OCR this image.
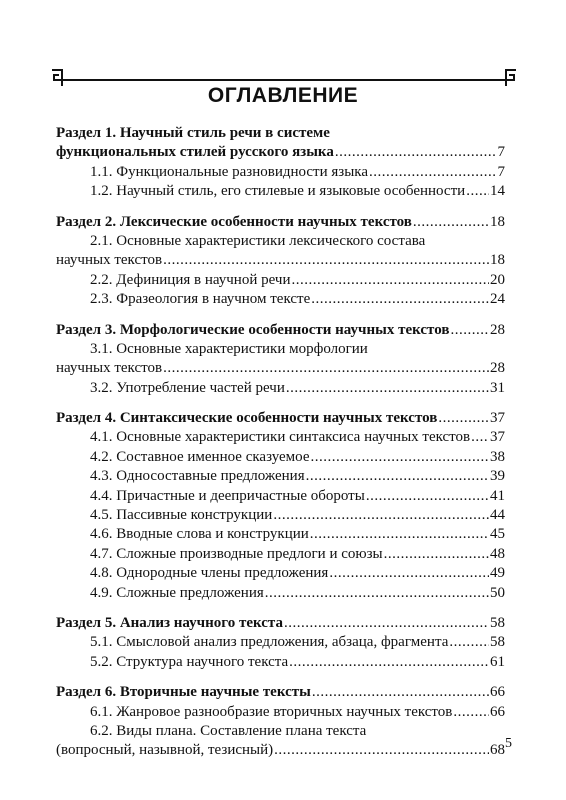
ОГЛАВЛЕНИЕ
Раздел 1. Научный стиль речи в системе
функциональных стилей русского языка .....	7
1.1. Функциональные разновидности языка .....	7
1.2. Научный стиль, его стилевые и языковые особенности ..... 14
Раздел 2. Лексические особенности научных текстов .....	18
2.1. Основные характеристики лексического состава
научных текстов .....	18
2.2. Дефиниция в научной речи .....	20
2.3. Фразеология в научном тексте .....	24
Раздел 3. Морфологические особенности научных текстов .....	28
3.1. Основные характеристики морфологии
научных текстов .....	28
3.2. Употребление частей речи .....	31
Раздел 4. Синтаксические особенности научных текстов .....	37
4.1. Основные характеристики синтаксиса научных текстов ..... 37
4.2. Составное именное сказуемое .....	38
4.3. Односоставные предложения .....	39
4.4. Причастные и деепричастные обороты .....	41
4.5. Пассивные конструкции .....	44
4.6. Вводные слова и конструкции .....	45
4.7. Сложные производные предлоги и союзы .....	48
4.8. Однородные члены предложения .....	49
4.9. Сложные предложения .....	50
Раздел 5. Анализ научного текста .....	58
5.1. Смысловой анализ предложения, абзаца, фрагмента .....	58
5.2. Структура научного текста .....	61
Раздел 6. Вторичные научные тексты .....	66
6.1. Жанровое разнообразие вторичных научных текстов .....	66
6.2. Виды плана. Составление плана текста
(вопросный, назывной, тезисный) .....	68 5
